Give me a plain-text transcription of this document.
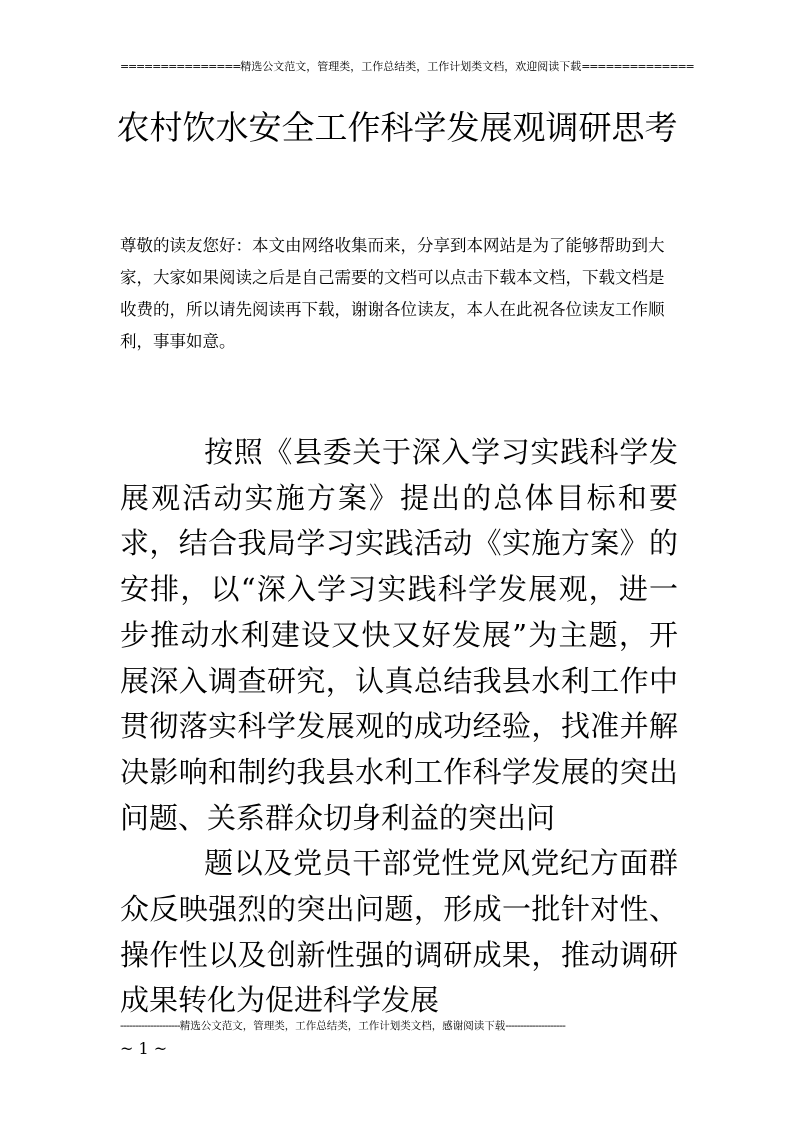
===============精选公文范文，管理类，工作总结类，工作计划类文档，欢迎阅读下载==============
农村饮水安全工作科学发展观调研思考

尊敬的读友您好：本文由网络收集而来，分享到本网站是为了能够帮助到大家，大家如果阅读之后是自己需要的文档可以点击下载本文档，下载文档是收费的，所以请先阅读再下载，谢谢各位读友，本人在此祝各位读友工作顺利，事事如意。

按照《县委关于深入学习实践科学发展观活动实施方案》提出的总体目标和要求，结合我局学习实践活动《实施方案》的安排，以“深入学习实践科学发展观，进一步推动水利建设又快又好发展”为主题，开展深入调查研究，认真总结我县水利工作中贯彻落实科学发展观的成功经验，找准并解决影响和制约我县水利工作科学发展的突出问题、关系群众切身利益的突出问

题以及党员干部党性党风党纪方面群众反映强烈的突出问题，形成一批针对性、操作性以及创新性强的调研成果，推动调研成果转化为促进科学发展

--------------------精选公文范文，管理类，工作总结类，工作计划类文档，感谢阅读下载--------------------
~ 1 ~
